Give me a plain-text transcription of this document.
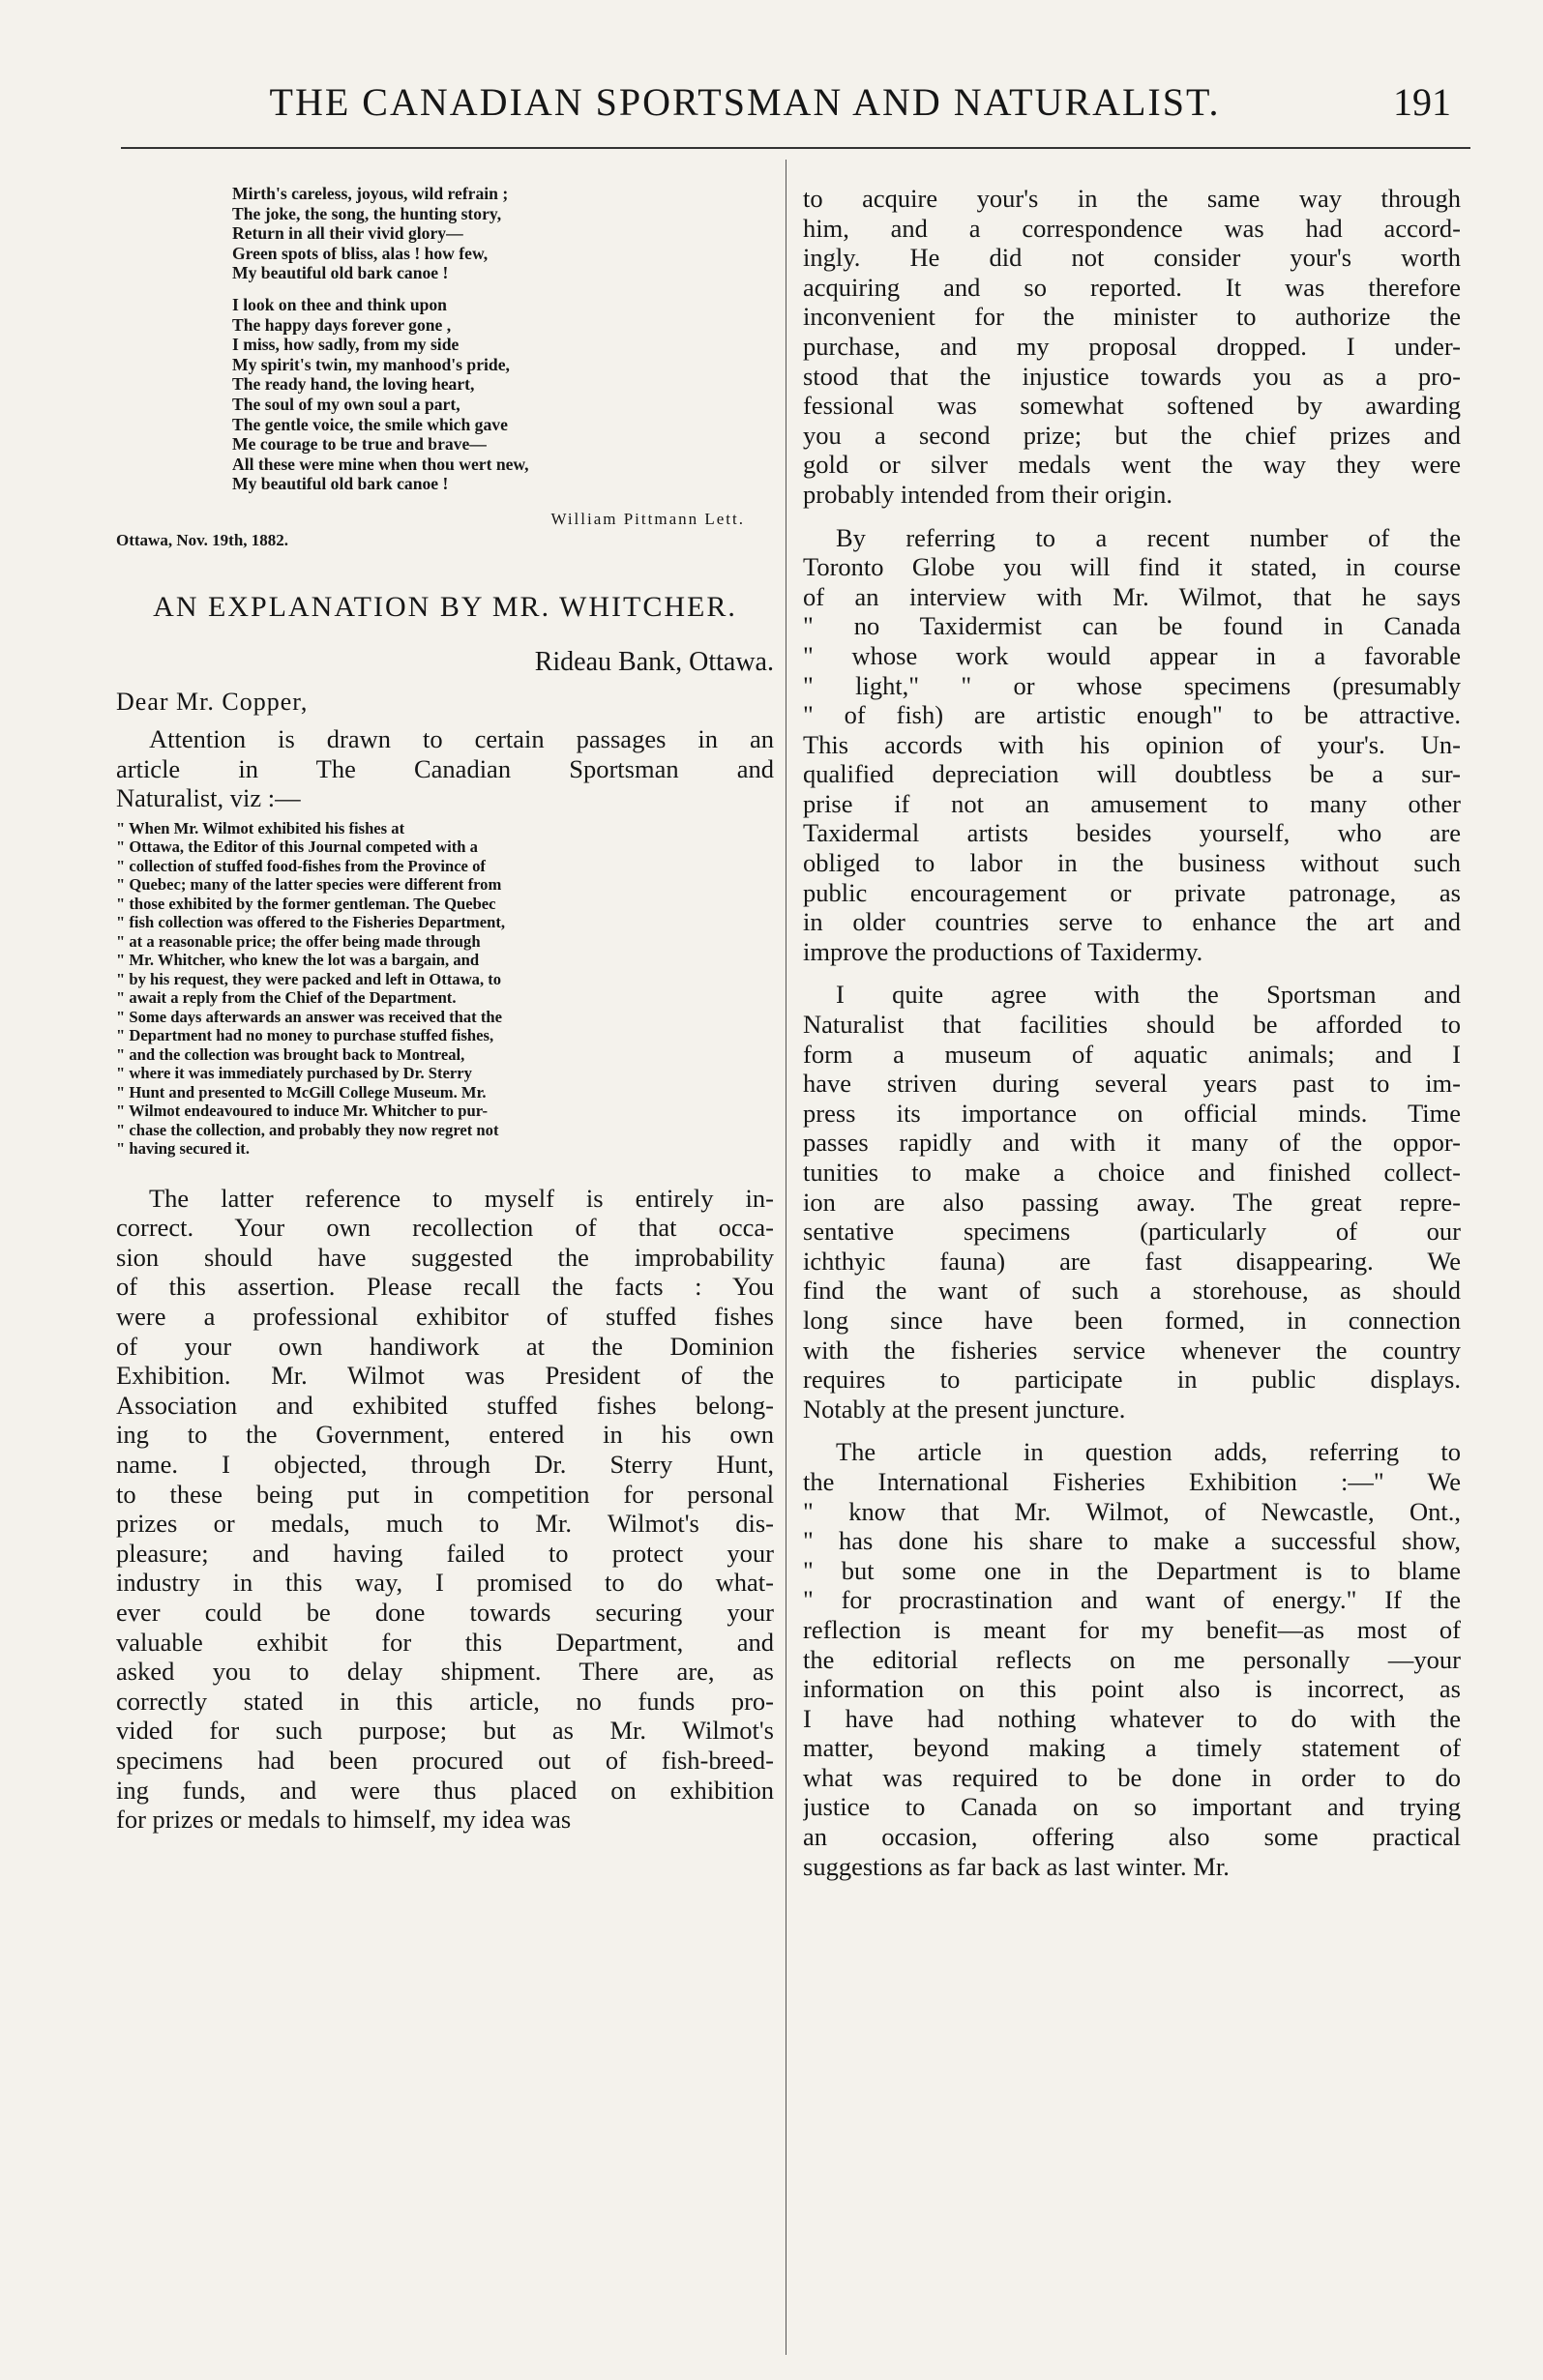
THE CANADIAN SPORTSMAN AND NATURALIST.	191
Mirth's careless, joyous, wild refrain ;
The joke, the song, the hunting story,
Return in all their vivid glory—
Green spots of bliss, alas ! how few,
My beautiful old bark canoe !
I look on thee and think upon
The happy days forever gone ,
I miss, how sadly, from my side
My spirit's twin, my manhood's pride,
The ready hand, the loving heart,
The soul of my own soul a part,
The gentle voice, the smile which gave
Me courage to be true and brave—
All these were mine when thou wert new,
My beautiful old bark canoe !
William Pittmann Lett.
Ottawa, Nov. 19th, 1882.
AN EXPLANATION BY MR. WHITCHER.
Rideau Bank, Ottawa.
Dear Mr. Copper,
Attention is drawn to certain passages in an
article in The Canadian Sportsman and
Naturalist, viz :—
" When Mr. Wilmot exhibited his fishes at
" Ottawa, the Editor of this Journal competed with a
" collection of stuffed food-fishes from the Province of
" Quebec; many of the latter species were different from
" those exhibited by the former gentleman. The Quebec
" fish collection was offered to the Fisheries Department,
" at a reasonable price; the offer being made through
" Mr. Whitcher, who knew the lot was a bargain, and
" by his request, they were packed and left in Ottawa, to
" await a reply from the Chief of the Department.
" Some days afterwards an answer was received that the
" Department had no money to purchase stuffed fishes,
" and the collection was brought back to Montreal,
" where it was immediately purchased by Dr. Sterry
" Hunt and presented to McGill College Museum. Mr.
" Wilmot endeavoured to induce Mr. Whitcher to pur-
" chase the collection, and probably they now regret not
" having secured it.
The latter reference to myself is entirely in-
correct. Your own recollection of that occa-
sion should have suggested the improbability
of this assertion. Please recall the facts : You
were a professional exhibitor of stuffed fishes
of your own handiwork at the Dominion
Exhibition. Mr. Wilmot was President of the
Association and exhibited stuffed fishes belong-
ing to the Government, entered in his own
name. I objected, through Dr. Sterry Hunt,
to these being put in competition for personal
prizes or medals, much to Mr. Wilmot's dis-
pleasure; and having failed to protect your
industry in this way, I promised to do what-
ever could be done towards securing your
valuable exhibit for this Department, and
asked you to delay shipment. There are, as
correctly stated in this article, no funds pro-
vided for such purpose; but as Mr. Wilmot's
specimens had been procured out of fish-breed-
ing funds, and were thus placed on exhibition
for prizes or medals to himself, my idea was
to acquire your's in the same way through
him, and a correspondence was had accord-
ingly. He did not consider your's worth
acquiring and so reported. It was therefore
inconvenient for the minister to authorize the
purchase, and my proposal dropped. I under-
stood that the injustice towards you as a pro-
fessional was somewhat softened by awarding
you a second prize; but the chief prizes and
gold or silver medals went the way they were
probably intended from their origin.
By referring to a recent number of the
Toronto Globe you will find it stated, in course
of an interview with Mr. Wilmot, that he says
" no Taxidermist can be found in Canada
" whose work would appear in a favorable
" light," " or whose specimens (presumably
" of fish) are artistic enough" to be attractive.
This accords with his opinion of your's. Un-
qualified depreciation will doubtless be a sur-
prise if not an amusement to many other
Taxidermal artists besides yourself, who are
obliged to labor in the business without such
public encouragement or private patronage, as
in older countries serve to enhance the art and
improve the productions of Taxidermy.
I quite agree with the Sportsman and
Naturalist that facilities should be afforded to
form a museum of aquatic animals; and I
have striven during several years past to im-
press its importance on official minds. Time
passes rapidly and with it many of the oppor-
tunities to make a choice and finished collect-
ion are also passing away. The great repre-
sentative specimens (particularly of our
ichthyic fauna) are fast disappearing. We
find the want of such a storehouse, as should
long since have been formed, in connection
with the fisheries service whenever the country
requires to participate in public displays.
Notably at the present juncture.
The article in question adds, referring to
the International Fisheries Exhibition :—" We
" know that Mr. Wilmot, of Newcastle, Ont.,
" has done his share to make a successful show,
" but some one in the Department is to blame
" for procrastination and want of energy." If the
reflection is meant for my benefit—as most of
the editorial reflects on me personally —your
information on this point also is incorrect, as
I have had nothing whatever to do with the
matter, beyond making a timely statement of
what was required to be done in order to do
justice to Canada on so important and trying
an occasion, offering also some practical
suggestions as far back as last winter. Mr.
